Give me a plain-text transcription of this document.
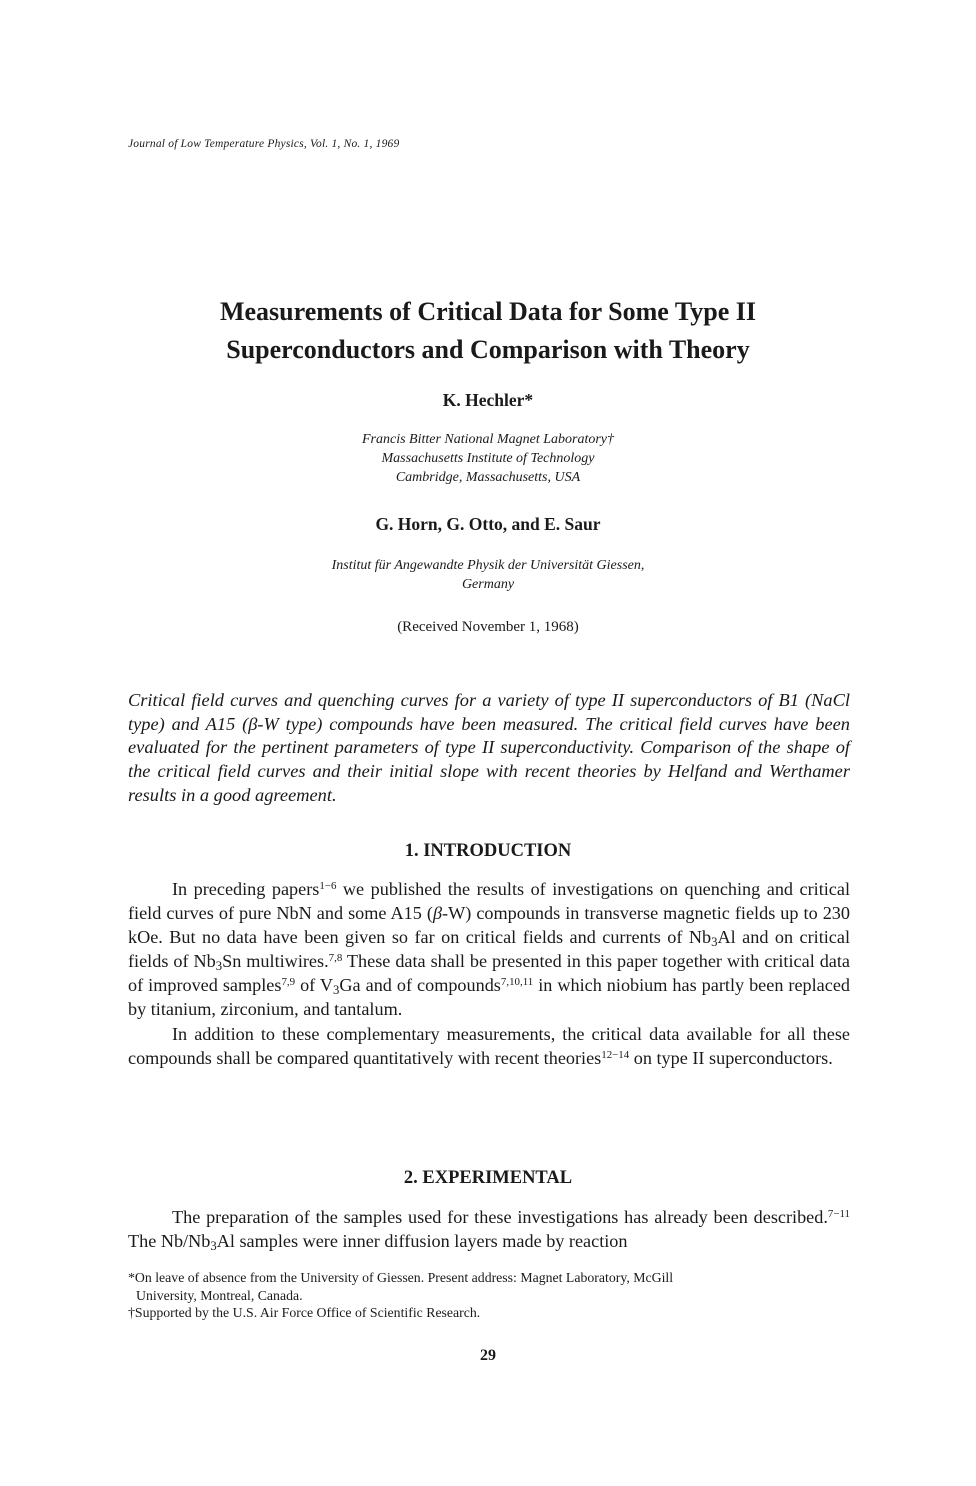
Journal of Low Temperature Physics, Vol. 1, No. 1, 1969
Measurements of Critical Data for Some Type II
Superconductors and Comparison with Theory
K. Hechler*
Francis Bitter National Magnet Laboratory†
Massachusetts Institute of Technology
Cambridge, Massachusetts, USA
G. Horn, G. Otto, and E. Saur
Institut für Angewandte Physik der Universität Giessen,
Germany
(Received November 1, 1968)
Critical field curves and quenching curves for a variety of type II superconductors of B1 (NaCl type) and A15 (β-W type) compounds have been measured. The critical field curves have been evaluated for the pertinent parameters of type II superconductivity. Comparison of the shape of the critical field curves and their initial slope with recent theories by Helfand and Werthamer results in a good agreement.
1. INTRODUCTION

In preceding papers$^{1-6}$ we published the results of investigations on quenching and critical field curves of pure NbN and some A15 (β-W) compounds in transverse magnetic fields up to 230 kOe. But no data have been given so far on critical fields and currents of $Nb_3Al$ and on critical fields of $Nb_3Sn$ multiwires.$^{7,8}$ These data shall be presented in this paper together with critical data of improved samples$^{7,9}$ of $V_3Ga$ and of compounds$^{7,10,11}$ in which niobium has partly been replaced by titanium, zirconium, and tantalum.

In addition to these complementary measurements, the critical data available for all these compounds shall be compared quantitatively with recent theories$^{12-14}$ on type II superconductors.

2. EXPERIMENTAL

The preparation of the samples used for these investigations has already been described.$^{7-11}$ The $Nb/Nb_3Al$ samples were inner diffusion layers made by reaction

*On leave of absence from the University of Giessen. Present address: Magnet Laboratory, McGill

University, Montreal, Canada.

†Supported by the U.S. Air Force Office of Scientific Research.

29
